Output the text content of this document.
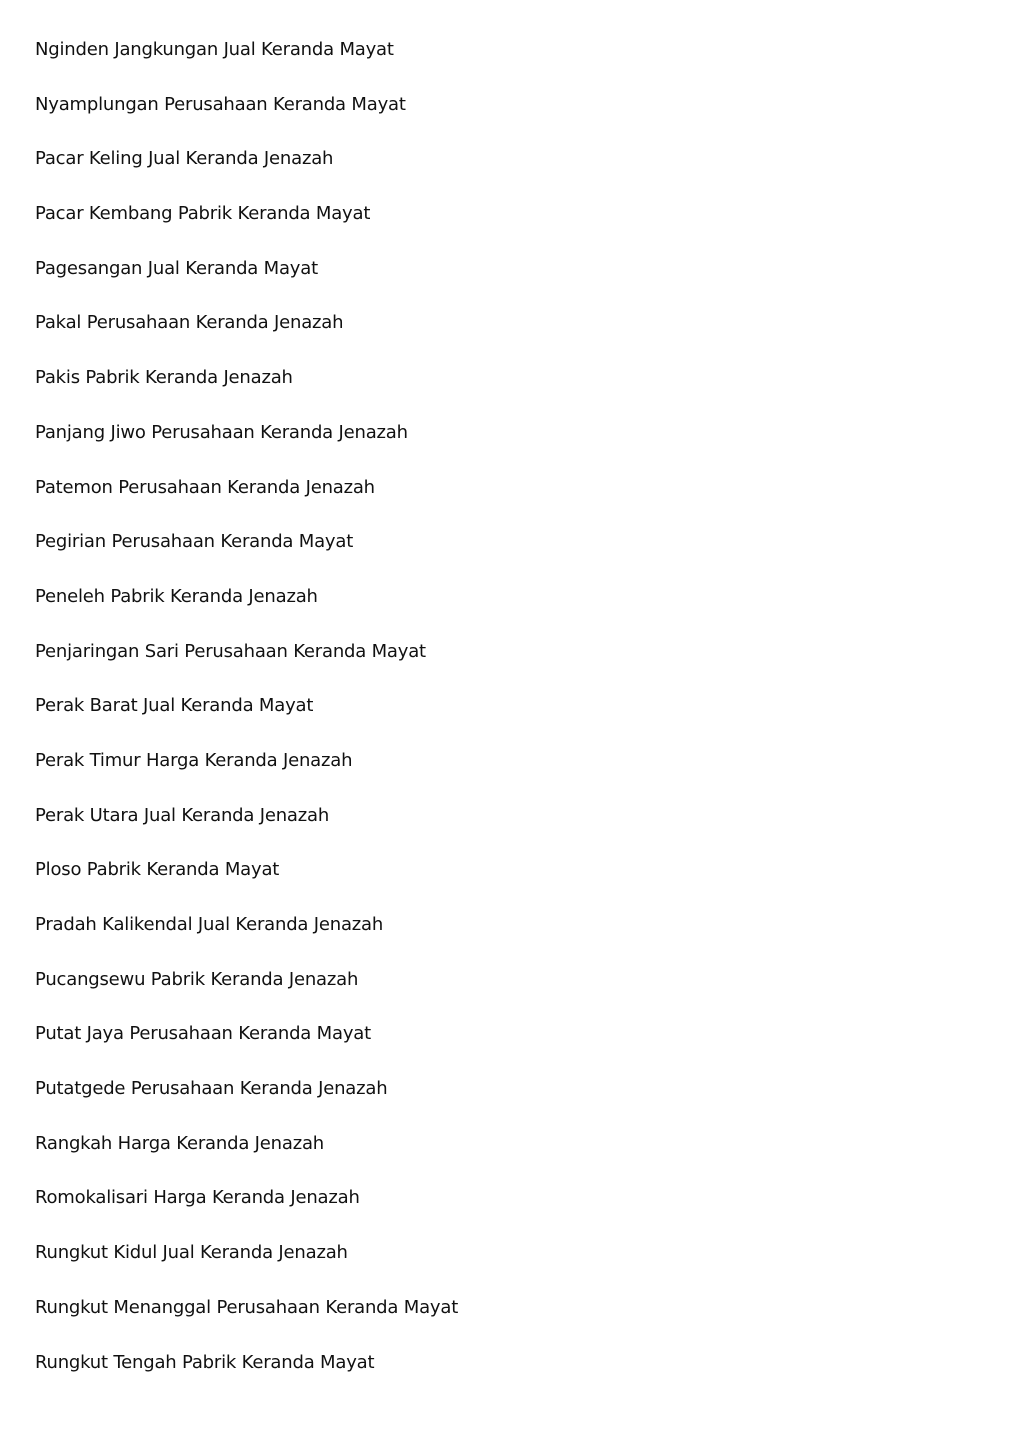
Nginden Jangkungan Jual Keranda Mayat
Nyamplungan Perusahaan Keranda Mayat
Pacar Keling Jual Keranda Jenazah
Pacar Kembang Pabrik Keranda Mayat
Pagesangan Jual Keranda Mayat
Pakal Perusahaan Keranda Jenazah
Pakis Pabrik Keranda Jenazah
Panjang Jiwo Perusahaan Keranda Jenazah
Patemon Perusahaan Keranda Jenazah
Pegirian Perusahaan Keranda Mayat
Peneleh Pabrik Keranda Jenazah
Penjaringan Sari Perusahaan Keranda Mayat
Perak Barat Jual Keranda Mayat
Perak Timur Harga Keranda Jenazah
Perak Utara Jual Keranda Jenazah
Ploso Pabrik Keranda Mayat
Pradah Kalikendal Jual Keranda Jenazah
Pucangsewu Pabrik Keranda Jenazah
Putat Jaya Perusahaan Keranda Mayat
Putatgede Perusahaan Keranda Jenazah
Rangkah Harga Keranda Jenazah
Romokalisari Harga Keranda Jenazah
Rungkut Kidul Jual Keranda Jenazah
Rungkut Menanggal Perusahaan Keranda Mayat
Rungkut Tengah Pabrik Keranda Mayat
